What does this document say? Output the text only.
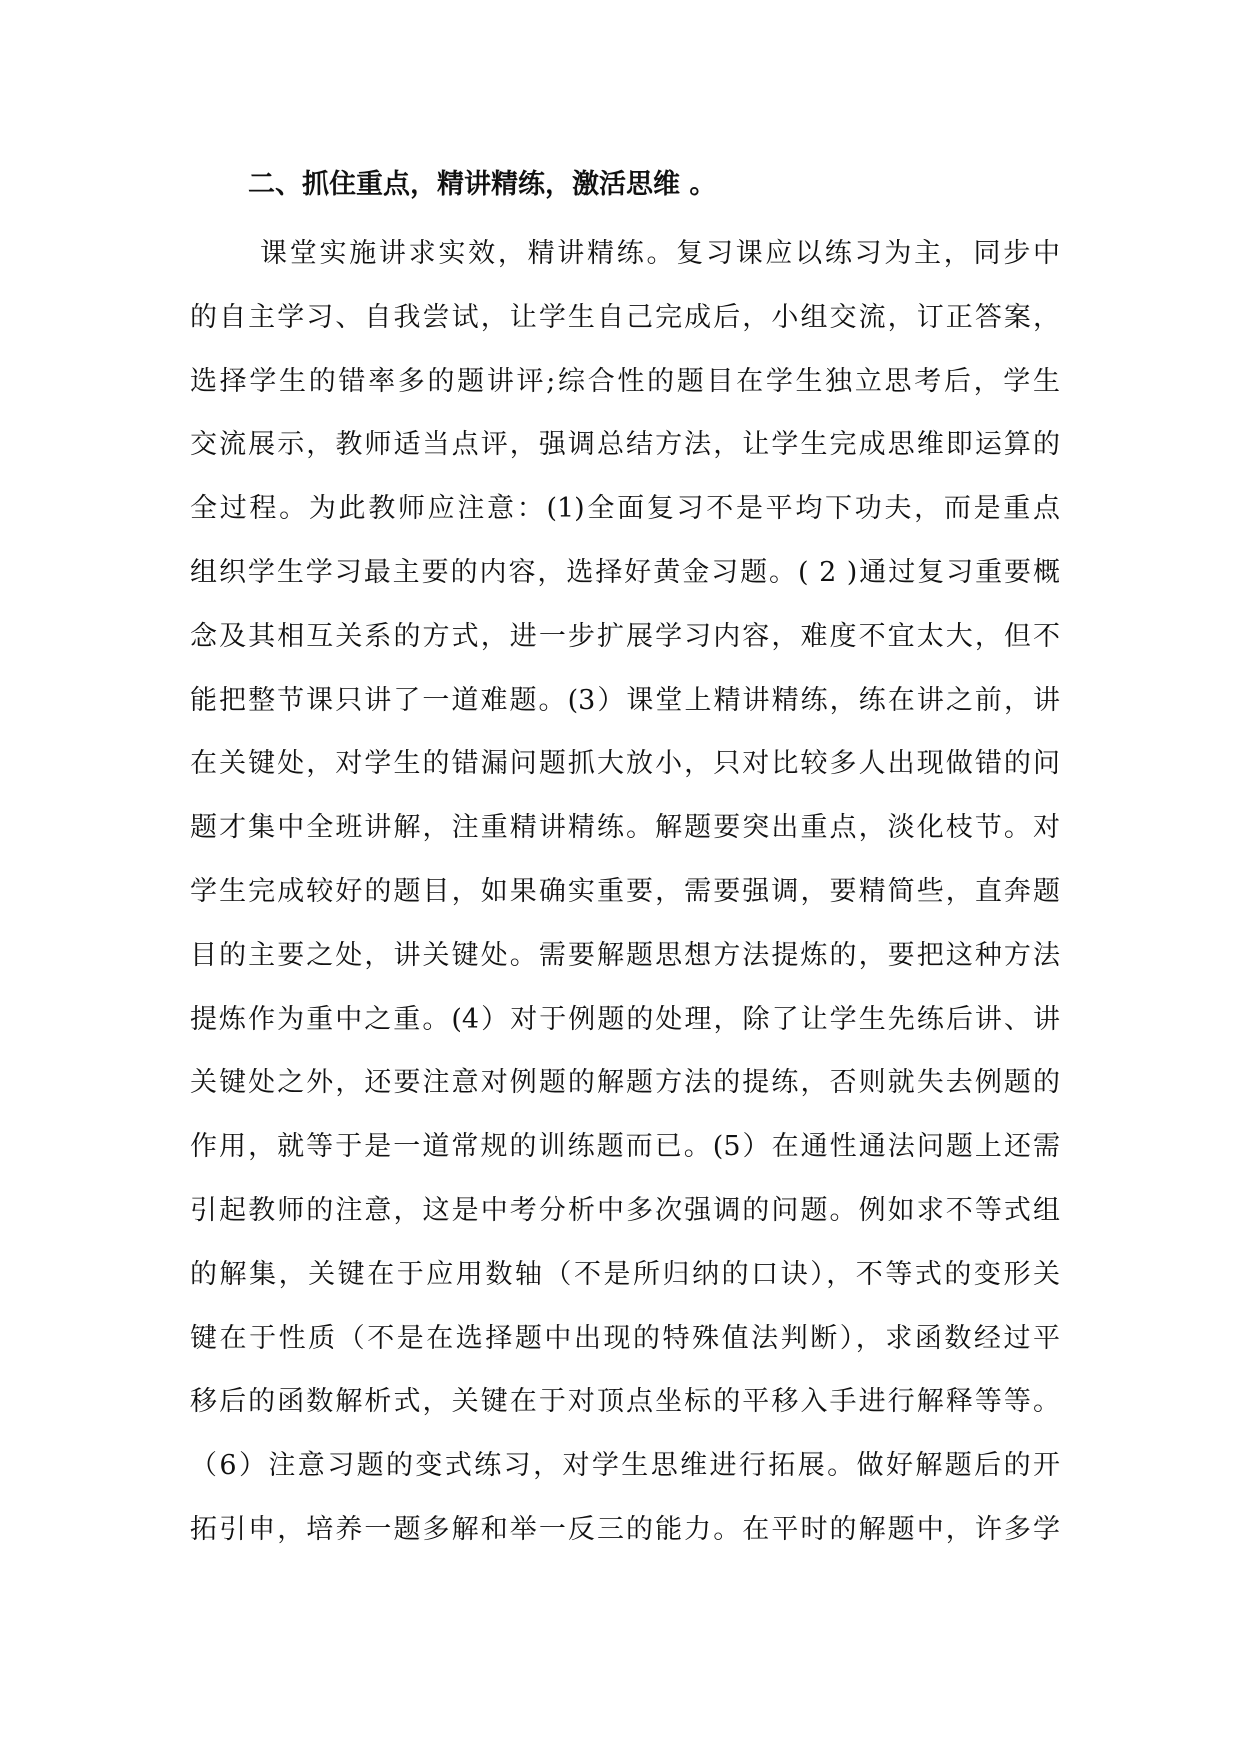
二、抓住重点，精讲精练，激活思维 。
课堂实施讲求实效，精讲精练。复习课应以练习为主，同步中
的自主学习、自我尝试，让学生自己完成后，小组交流，订正答案，
选择学生的错率多的题讲评;综合性的题目在学生独立思考后，学生
交流展示，教师适当点评，强调总结方法，让学生完成思维即运算的
全过程。为此教师应注意：(1)全面复习不是平均下功夫，而是重点
组织学生学习最主要的内容，选择好黄金习题。( 2 )通过复习重要概
念及其相互关系的方式，进一步扩展学习内容，难度不宜太大，但不
能把整节课只讲了一道难题。(3）课堂上精讲精练，练在讲之前，讲
在关键处，对学生的错漏问题抓大放小，只对比较多人出现做错的问
题才集中全班讲解，注重精讲精练。解题要突出重点，淡化枝节。对
学生完成较好的题目，如果确实重要，需要强调，要精简些，直奔题
目的主要之处，讲关键处。需要解题思想方法提炼的，要把这种方法
提炼作为重中之重。(4）对于例题的处理，除了让学生先练后讲、讲
关键处之外，还要注意对例题的解题方法的提练，否则就失去例题的
作用，就等于是一道常规的训练题而已。(5）在通性通法问题上还需
引起教师的注意，这是中考分析中多次强调的问题。例如求不等式组
的解集，关键在于应用数轴（不是所归纳的口诀），不等式的变形关
键在于性质（不是在选择题中出现的特殊值法判断），求函数经过平
移后的函数解析式，关键在于对顶点坐标的平移入手进行解释等等。
（6）注意习题的变式练习，对学生思维进行拓展。做好解题后的开
拓引申，培养一题多解和举一反三的能力。在平时的解题中，许多学
